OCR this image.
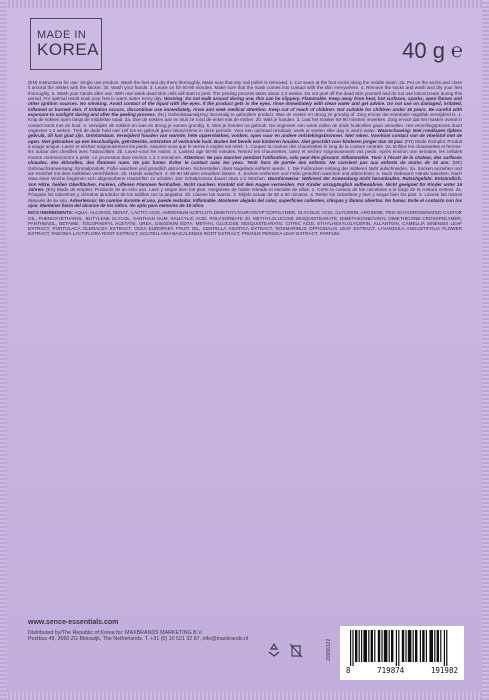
MADE IN
KOREA	40 g ℮
(EN) Instructions for use: Single use product. Wash the feet and dry them thoroughly. Make sure that any nail polish is removed. 1. Cut seam at the foot socks along the middle seam. 2a. Put on the socks and close it around the ankles with the sticker. 2b. Wash your hands. 3. Leave on for 60-90 minutes. Make sure that the mask comes into contact with the skin everywhere. 4. Remove the socks and wash and dry your feet thoroughly. 5. Wash your hands after use. With one week dead skin cells will start to peel. The peeling process takes about 1-2 weeks. Do not peel off the dead skin yourself and do not use lotion/cream during this period. For optimal result soak your feet in warm water every day. Warning: Do not walk around during use, this can be slippery. Flammable. Keep away from heat, hot surfaces, sparks, open flames and other ignition sources. No smoking. Avoid contact of the liquid with the eyes. If the product gets in the eyes, rinse immediately with clean water and get advice. Do not use on damaged, irritated, inflamed or burned skin. If irritation occurs, discontinue use immediately, rinse and seek medical attention. Keep out of reach of children. Not suitable for children under 16 years. Be careful with exposure to sunlight during and after the peeling process. (NL) Gebruiksaanwijzing: Eenmalig te gebruiken product. Was de voeten en droog ze grondig af. Zorg ervoor dat eventuele nagellak verwijderd is. 1. Knip de sokken open langs de middelste naad. 2a. Doe de sokken aan en sluit ze rond de enkel met de sticker. 2b. Was je handen. 3. Laat het masker 60-90 minuten inwerken. Zorg ervoor dat het masker overal in contact komt met de huid. 4. Verwijder de sokken en was en droog je voeten grondig. 5. Was je handen na gebruik. Na ongeveer een week zullen de dode huidcellen gaan vervellen. Het vervellingsproces duurt ongeveer 1-2 weken. Trek de dode huid niet zelf los en gebruik geen lotion/crème in deze periode. Voor een optimaal resultaat, week je voeten elke dag in warm water. Waarschuwing: Niet rondlopen tijdens gebruik, dit kan glad zijn. Ontvlambaar. Verwijderd houden van warmte, hete oppervlakken, vonken, open vuur en andere ontstekingsbronnen. Niet roken. Voorkom contact van de vloeistof met de ogen. Niet gebruiken op een beschadigde, geïrriteerde, ontstoken of verbrande huid. Buiten het bereik van kinderen houden. Niet geschikt voor kinderen jonger dan 16 jaar. (FR) Mode d'emploi: Produit à usage unique. Lavez et séchez soigneusement les pieds. Assurez-vous que le vernis à ongles est retiré. 1. Coupez la couture des chaussettes le long de la couture centrale. 2a. Enfilez les chaussettes et fermez-les autour des chevilles avec l'autocollant. 2b. Lavez-vous les mains. 3. Laissez agir 60-90 minutes. Retirez les chaussettes, lavez et séchez soigneusement vos pieds. Après environ une semaine, les cellules mortes commenceront à peler. Le processus dure environ 1 à 2 semaines. Attention: Ne pas marcher pendant l'utilisation, cela peut être glissant. Inflammable. Tenir à l'écart de la chaleur, des surfaces chaudes, des étincelles, des flammes nues. Ne pas fumer. Éviter le contact avec les yeux. Tenir hors de portée des enfants. Ne convient pas aux enfants de moins de 16 ans. (DE) Gebrauchsanweisung: Einmalprodukt. Füße waschen und gründlich abtrocknen. Sicherstellen, dass Nagellack entfernt wurde. 1. Die Fußsocken entlang der mittleren Naht aufschneiden. 2a. Socken anziehen und am Knöchel mit dem Aufkleber verschließen. 2b. Hände waschen. 3. 60-90 Minuten einwirken lassen. 4. Socken entfernen und Füße gründlich waschen und abtrocknen. 5. Nach Gebrauch Hände waschen. Nach etwa einer Woche beginnen sich abgestorbene Hautzellen zu schälen. Der Schälprozess dauert etwa 1-2 Wochen. Warnhinweise: Während der Anwendung nicht herumlaufen, Rutschgefahr. Entzündlich. Von Hitze, heißen Oberflächen, Funken, offenen Flammen fernhalten. Nicht rauchen. Kontakt mit den Augen vermeiden. Für Kinder unzugänglich aufbewahren. Nicht geeignet für Kinder unter 16 Jahren. (ES) Modo de empleo: Producto de un solo uso. Lave y seque bien los pies. Asegúrese de haber retirado el esmalte de uñas. 1. Corte la costura de los calcetines a lo largo de la costura central. 2a. Póngase los calcetines y ciérrelos alrededor de los tobillos con la pegatina. 2b. Lávese las manos. 3. Déjelo actuar de 60 a 90 minutos. 4. Retire los calcetines y lave y seque bien los pies. 5. Lávese las manos después de su uso. Advertencia: No camine durante el uso, puede resbalar. Inflamable. Mantener alejado del calor, superficies calientes, chispas y llamas abiertas. No fumar. Evite el contacto con los ojos. Mantener fuera del alcance de los niños. No apto para menores de 16 años.
INCS INGREDIENTS: AQUA, ALCOHOL DENAT., LACTIC ACID, AMMONIUM ACRYLOYLDIMETHYLTAURATE/VP COPOLYMER, GLYCOLIC ACID, GLYCERIN, ARGININE, PEG-40 HYDROGENATED CASTOR OIL, PHENOXYETHANOL, BUTYLENE GLYCOL, XANTHAN GUM, SALICYLIC ACID, POLYSORBATE 20, METHYLGLUCOSE SESQUISTEARATE, DIMETHICONE/VINYL DIMETHICONE CROSSPOLYMER, PANTHENOL, BETAINE, TOCOPHERYL ACETATE, UREA, DISODIUM EDTA, METHYL GLUCOSE SESQUISTEARATE, CITRIC ACID, ETHYLHEXYLGLYCERIN, ALLANTOIN, CAMELLIA SINENSIS LEAF EXTRACT, PORTULACA OLERACEA EXTRACT, OLEA EUROPAEA FRUIT OIL, CENTELLA ASIATICA EXTRACT, ROSMARINUS OFFICINALIS LEAF EXTRACT, LAVANDULA ANGUSTIFOLIA FLOWER EXTRACT, PAEONIA LACTIFLORA ROOT EXTRACT, SCUTELLARIA BAICALENSIS ROOT EXTRACT, PRUNUS PERSICA LEAF EXTRACT, PARFUM.
www.sence-essentials.com
Distributed by/The Republic of Korea for: MAXBRANDS MARKETING B.V.
Postbus 49, 2660 ZG Bleiswijk, The Netherlands. T. +31 (0) 10 521 32 87, info@maxbrands.nl	20996122
8	719874	191982
